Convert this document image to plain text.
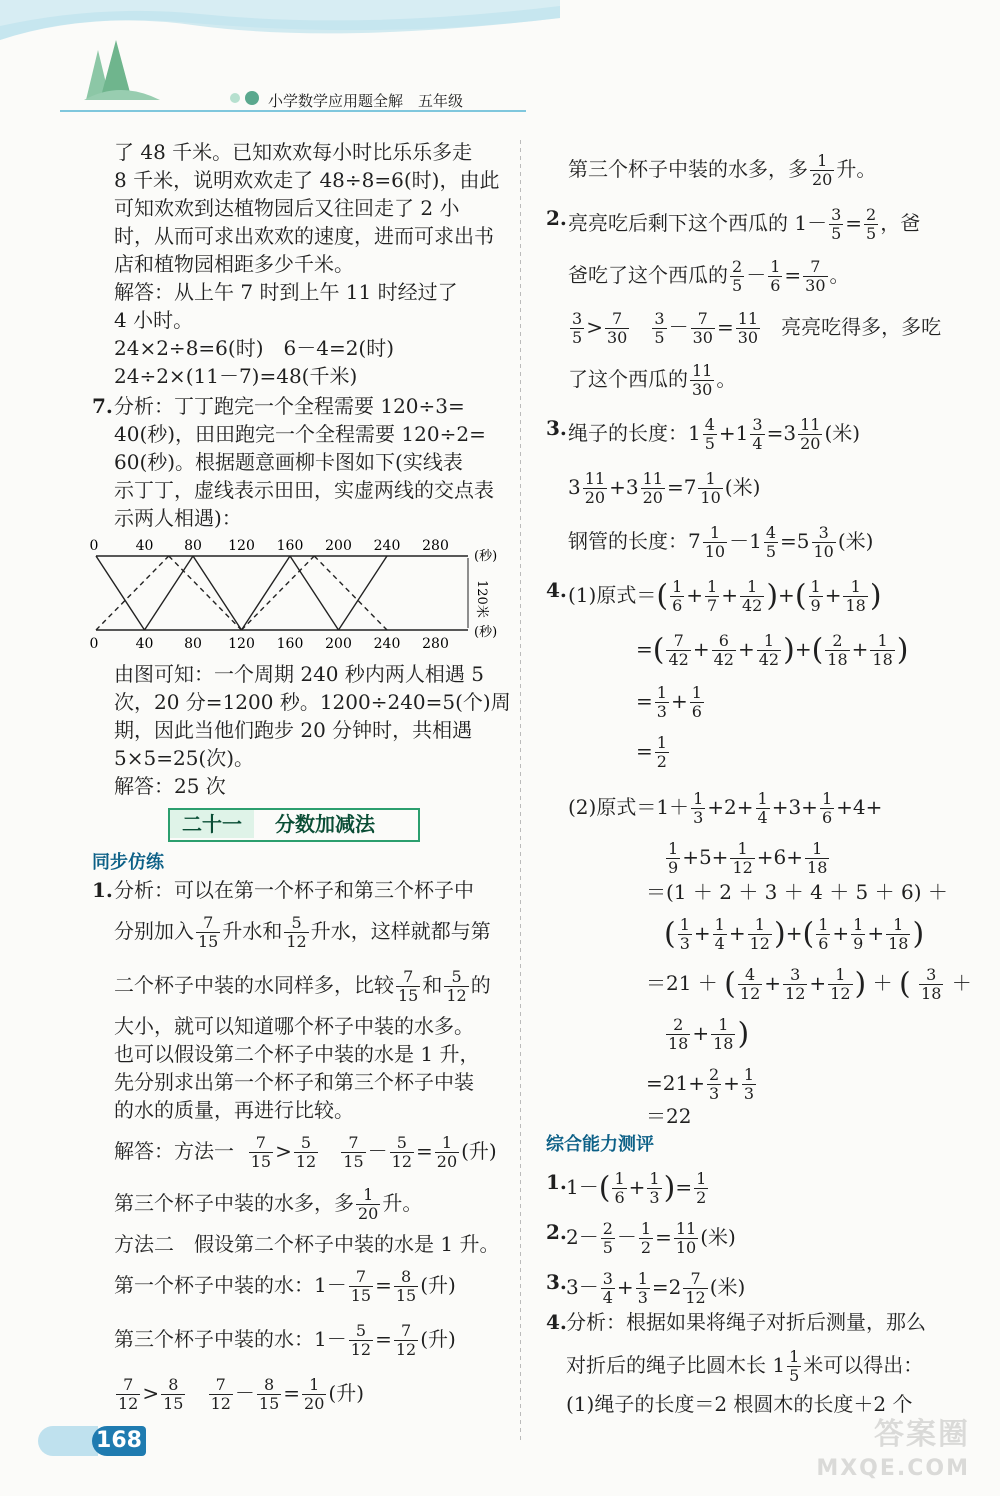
小学数学应用题全解　五年级
了 48 千米。已知欢欢每小时比乐乐多走
8 千米，说明欢欢走了 48÷8=6(时)，由此
可知欢欢到达植物园后又往回走了 2 小
时，从而可求出欢欢的速度，进而可求出书
店和植物园相距多少千米。
解答：从上午 7 时到上午 11 时经过了
4 小时。
24×2÷8=6(时)　6－4=2(时)
24÷2×(11－7)=48(千米)
7. 分析：丁丁跑完一个全程需要 120÷3=
40(秒)，田田跑完一个全程需要 120÷2=
60(秒)。根据题意画柳卡图如下(实线表
示丁丁，虚线表示田田，实虚两线的交点表
示两人相遇)：
0	40 80 120 160 200 240 280
0	40 80 120 160 200 240 280
(秒)
(秒)
120米
由图可知：一个周期 240 秒内两人相遇 5
次，20 分=1200 秒。1200÷240=5(个)周
期，因此当他们跑步 20 分钟时，共相遇
5×5=25(次)。
解答：25 次
二十一	分数加减法
同步仿练
1. 分析：可以在第一个杯子和第三个杯子中
分别加入 $\frac{7}{15}$ 升水和 $\frac{5}{12}$ 升水，这样就都与第
二个杯子中装的水同样多，比较 $\frac{7}{15}$ 和 $\frac{5}{12}$ 的
大小，就可以知道哪个杯子中装的水多。
也可以假设第二个杯子中装的水是 1 升，
先分别求出第一个杯子和第三个杯子中装
的水的质量，再进行比较。
解答：方法一 $\frac{7}{15} > \frac{5}{12}$
$\frac{7}{15} - \frac{5}{12} = \frac{1}{20}$ (升)
第三个杯子中装的水多，多 $\frac{1}{20}$ 升。
方法二　假设第二个杯子中装的水是 1 升。
第一个杯子中装的水：$1- \frac{7}{15} = \frac{8}{15}$ (升)
第三个杯子中装的水：$1- \frac{5}{12} = \frac{7}{12}$ (升)
$\frac{7}{12} > \frac{8}{15}$
$\frac{7}{12} - \frac{8}{15} = \frac{1}{20}$ (升)
168
第三个杯子中装的水多，多 $\frac{1}{20}$ 升。
2. 亮亮吃后剩下这个西瓜的 $1- \frac{3}{5} = \frac{2}{5}$ ，爸
爸吃了这个西瓜的 $\frac{2}{5} - \frac{1}{6} = \frac{7}{30}$ 。
$\frac{3}{5} > \frac{7}{30}$
$\frac{3}{5} - \frac{7}{30} = \frac{11}{30}$ 亮亮吃得多，多吃
了这个西瓜的 $\frac{11}{30}$ 。
3. 绳子的长度：$1 \frac{4}{5} +1 \frac{3}{4} =3 \frac{11}{20}$ (米)
$3 \frac{11}{20} +3 \frac{11}{20} =7 \frac{1}{10}$ (米)
钢管的长度：$7 \frac{1}{10} -1 \frac{4}{5} =5 \frac{3}{10}$ (米)
4. (1)原式＝( $\frac{1}{6} + \frac{1}{7} + \frac{1}{42}$ )+( $\frac{1}{9} + \frac{1}{18}$ )
=( $\frac{7}{42} + \frac{6}{42} + \frac{1}{42}$ )+( $\frac{2}{18} + \frac{1}{18}$ )
= $\frac{1}{3} + \frac{1}{6}$
= $\frac{1}{2}$
(2)原式$=1+ \frac{1}{3} +2+ \frac{1}{4} +3+ \frac{1}{6} +4+$
$\frac{1}{9} +5+ \frac{1}{12} +6+ \frac{1}{18}$
＝(1 ＋ 2 ＋ 3 ＋ 4 ＋ 5 ＋ 6) ＋
( $\frac{1}{3} + \frac{1}{4} + \frac{1}{12}$ )+( $\frac{1}{6} + \frac{1}{9} + \frac{1}{18}$ )
＝21 ＋ ( $\frac{4}{12} + \frac{3}{12} + \frac{1}{12}$ ) ＋ ( $\frac{3}{18}$ ＋
$\frac{2}{18} + \frac{1}{18}$ )
$=21+ \frac{2}{3} + \frac{1}{3}$
＝22
综合能力测评
1. $1-( \frac{1}{6} + \frac{1}{3}$ )= $\frac{1}{2}$
2. $2- \frac{2}{5} - \frac{1}{2} = \frac{11}{10}$ (米)
3. $3- \frac{3}{4} + \frac{1}{3} =2 \frac{7}{12}$ (米)
4. 分析：根据如果将绳子对折后测量，那么
对折后的绳子比圆木长 $1 \frac{1}{5}$ 米可以得出：
(1)绳子的长度＝2 根圆木的长度＋2 个
答案圈
MXQE.COM
